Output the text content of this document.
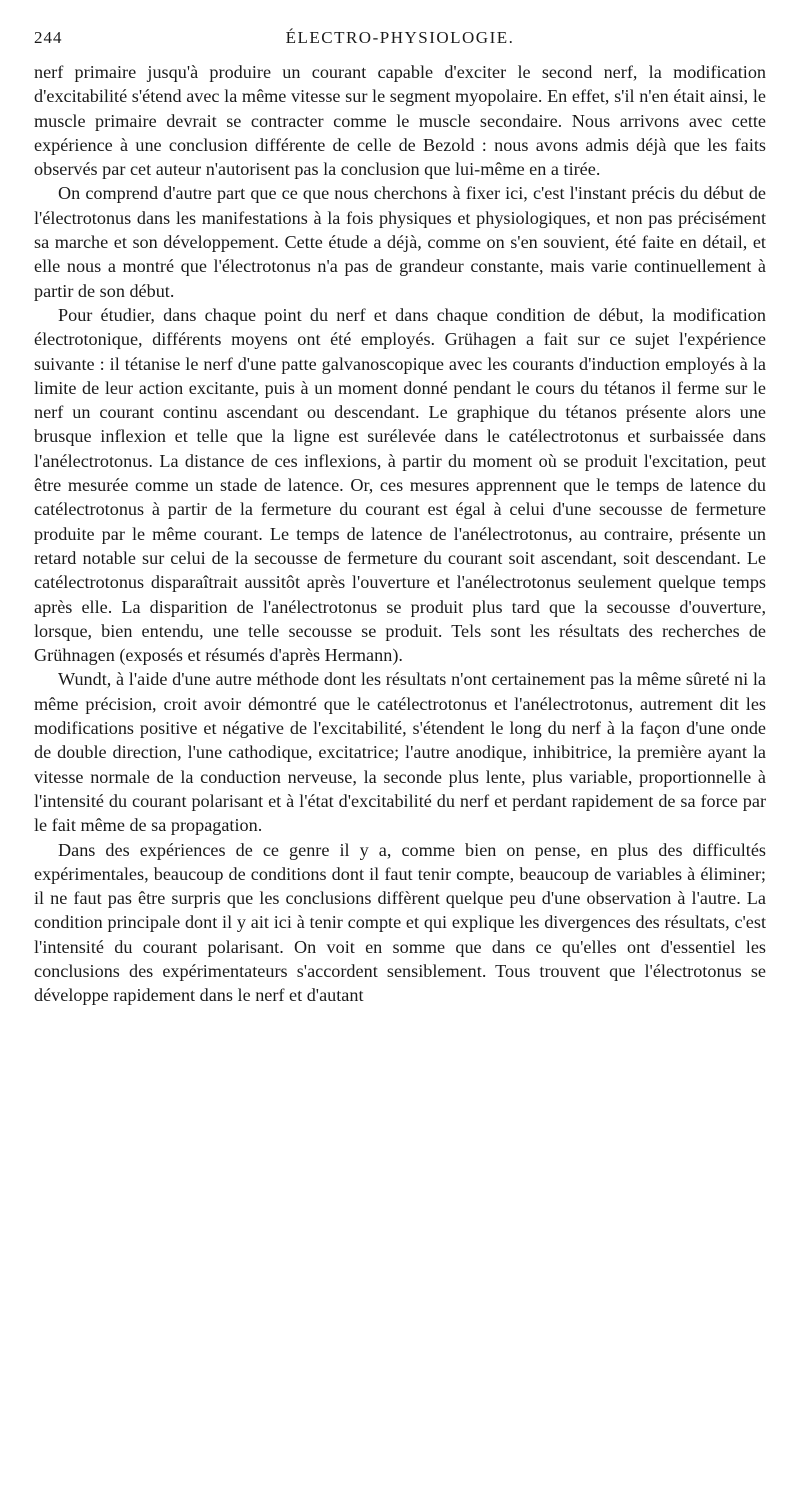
244	ÉLECTRO-PHYSIOLOGIE.

nerf primaire jusqu'à produire un courant capable d'exciter le second nerf, la modification d'excitabilité s'étend avec la même vitesse sur le segment myopolaire. En effet, s'il n'en était ainsi, le muscle primaire devrait se contracter comme le muscle secondaire. Nous arrivons avec cette expérience à une conclusion différente de celle de Bezold : nous avons admis déjà que les faits observés par cet auteur n'autorisent pas la conclusion que lui-même en a tirée.

On comprend d'autre part que ce que nous cherchons à fixer ici, c'est l'instant précis du début de l'électrotonus dans les manifestations à la fois physiques et physiologiques, et non pas précisément sa marche et son développement. Cette étude a déjà, comme on s'en souvient, été faite en détail, et elle nous a montré que l'électrotonus n'a pas de grandeur constante, mais varie continuellement à partir de son début.

Pour étudier, dans chaque point du nerf et dans chaque condition de début, la modification électrotonique, différents moyens ont été employés. Grühagen a fait sur ce sujet l'expérience suivante : il tétanise le nerf d'une patte galvanoscopique avec les courants d'induction employés à la limite de leur action excitante, puis à un moment donné pendant le cours du tétanos il ferme sur le nerf un courant continu ascendant ou descendant. Le graphique du tétanos présente alors une brusque inflexion et telle que la ligne est surélevée dans le catélectrotonus et surbaissée dans l'anélectrotonus. La distance de ces inflexions, à partir du moment où se produit l'excitation, peut être mesurée comme un stade de latence. Or, ces mesures apprennent que le temps de latence du catélectrotonus à partir de la fermeture du courant est égal à celui d'une secousse de fermeture produite par le même courant. Le temps de latence de l'anélectrotonus, au contraire, présente un retard notable sur celui de la secousse de fermeture du courant soit ascendant, soit descendant. Le catélectrotonus disparaîtrait aussitôt après l'ouverture et l'anélectrotonus seulement quelque temps après elle. La disparition de l'anélectrotonus se produit plus tard que la secousse d'ouverture, lorsque, bien entendu, une telle secousse se produit. Tels sont les résultats des recherches de Grühnagen (exposés et résumés d'après Hermann).

Wundt, à l'aide d'une autre méthode dont les résultats n'ont certainement pas la même sûreté ni la même précision, croit avoir démontré que le catélectrotonus et l'anélectrotonus, autrement dit les modifications positive et négative de l'excitabilité, s'étendent le long du nerf à la façon d'une onde de double direction, l'une cathodique, excitatrice; l'autre anodique, inhibitrice, la première ayant la vitesse normale de la conduction nerveuse, la seconde plus lente, plus variable, proportionnelle à l'intensité du courant polarisant et à l'état d'excitabilité du nerf et perdant rapidement de sa force par le fait même de sa propagation.

Dans des expériences de ce genre il y a, comme bien on pense, en plus des difficultés expérimentales, beaucoup de conditions dont il faut tenir compte, beaucoup de variables à éliminer; il ne faut pas être surpris que les conclusions diffèrent quelque peu d'une observation à l'autre. La condition principale dont il y ait ici à tenir compte et qui explique les divergences des résultats, c'est l'intensité du courant polarisant. On voit en somme que dans ce qu'elles ont d'essentiel les conclusions des expérimentateurs s'accordent sensiblement. Tous trouvent que l'électrotonus se développe rapidement dans le nerf et d'autant
